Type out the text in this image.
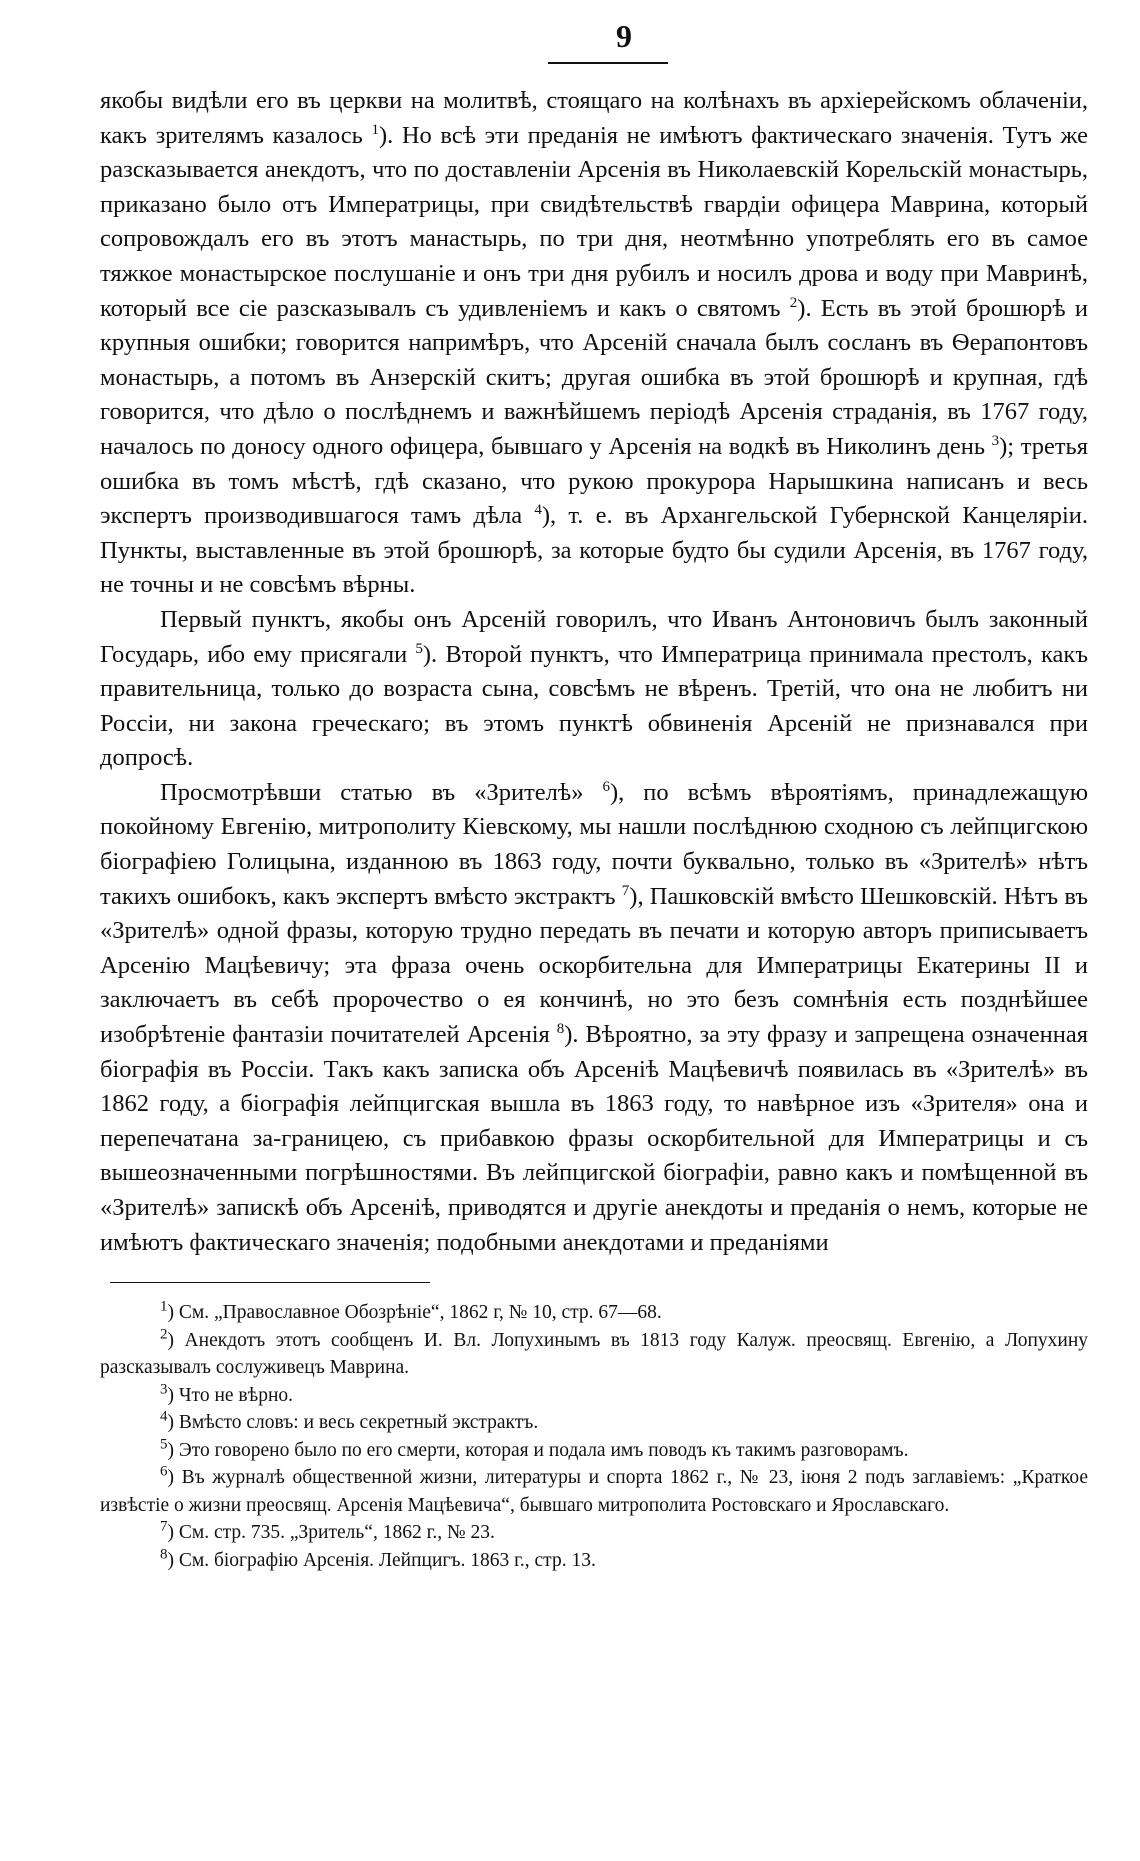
9

якобы видѣли его въ церкви на молитвѣ, стоящаго на колѣнахъ въ архіерейскомъ облаченіи, какъ зрителямъ казалось $^1$). Но всѣ эти преданія не имѣютъ фактическаго значенія. Тутъ же разсказывается анекдотъ, что по доставленіи Арсенія въ Николаевскій Корельскій монастырь, приказано было отъ Императрицы, при свидѣтельствѣ гвардіи офицера Маврина, который сопровождалъ его въ этотъ манастырь, по три дня, неотмѣнно употреблять его въ самое тяжкое монастырское послушаніе и онъ три дня рубилъ и носилъ дрова и воду при Мавринѣ, который все сіе разсказывалъ съ удивленіемъ и какъ о святомъ $^2$). Есть въ этой брошюрѣ и крупныя ошибки; говорится напримѣръ, что Арсеній сначала былъ сосланъ въ Ѳерапонтовъ монастырь, а потомъ въ Анзерскій скитъ; другая ошибка въ этой брошюрѣ и крупная, гдѣ говорится, что дѣло о послѣднемъ и важнѣйшемъ періодѣ Арсенія страданія, въ 1767 году, началось по доносу одного офицера, бывшаго у Арсенія на водкѣ въ Николинъ день $^3$); третья ошибка въ томъ мѣстѣ, гдѣ сказано, что рукою прокурора Нарышкина написанъ и весь экспертъ производившагося тамъ дѣла $^4$), т. е. въ Архангельской Губернской Канцеляріи. Пункты, выставленные въ этой брошюрѣ, за которые будто бы судили Арсенія, въ 1767 году, не точны и не совсѣмъ вѣрны.

Первый пунктъ, якобы онъ Арсеній говорилъ, что Иванъ Антоновичъ былъ законный Государь, ибо ему присягали $^5$). Второй пунктъ, что Императрица принимала престолъ, какъ правительница, только до возраста сына, совсѣмъ не вѣренъ. Третій, что она не любитъ ни Россіи, ни закона греческаго; въ этомъ пунктѣ обвиненія Арсеній не признавался при допросѣ.

Просмотрѣвши статью въ «Зрителѣ» $^6$), по всѣмъ вѣроятіямъ, принадлежащую покойному Евгенію, митрополиту Кіевскому, мы нашли послѣднюю сходною съ лейпцигскою біографіею Голицына, изданною въ 1863 году, почти буквально, только въ «Зрителѣ» нѣтъ такихъ ошибокъ, какъ экспертъ вмѣсто экстрактъ $^7$), Пашковскій вмѣсто Шешковскій. Нѣтъ въ «Зрителѣ» одной фразы, которую трудно передать въ печати и которую авторъ приписываетъ Арсенію Мацѣевичу; эта фраза очень оскорбительна для Императрицы Екатерины II и заключаетъ въ себѣ пророчество о ея кончинѣ, но это безъ сомнѣнія есть позднѣйшее изобрѣтеніе фантазіи почитателей Арсенія $^8$). Вѣроятно, за эту фразу и запрещена означенная біографія въ Россіи. Такъ какъ записка объ Арсеніѣ Мацѣевичѣ появилась въ «Зрителѣ» въ 1862 году, а біографія лейпцигская вышла въ 1863 году, то навѣрное изъ «Зрителя» она и перепечатана за-границею, съ прибавкою фразы оскорбительной для Императрицы и съ вышеозначенными погрѣшностями. Въ лейпцигской біографіи, равно какъ и помѣщенной въ «Зрителѣ» запискѣ объ Арсеніѣ, приводятся и другіе анекдоты и преданія о немъ, которые не имѣютъ фактическаго значенія; подобными анекдотами и преданіями

$^1$) См. „Православное Обозрѣніе“, 1862 г, № 10, стр. 67—68.

$^2$) Анекдотъ этотъ сообщенъ И. Вл. Лопухинымъ въ 1813 году Калуж. преосвящ. Евгенію, а Лопухину разсказывалъ сослуживецъ Маврина.

$^3$) Что не вѣрно.

$^4$) Вмѣсто словъ: и весь секретный экстрактъ.

$^5$) Это говорено было по его смерти, которая и подала имъ поводъ къ такимъ разговорамъ.

$^6$) Въ журналѣ общественной жизни, литературы и спорта 1862 г., № 23, іюня 2 подъ заглавіемъ: „Краткое извѣстіе о жизни преосвящ. Арсенія Мацѣевича“, бывшаго митрополита Ростовскаго и Ярославскаго.

$^7$) См. стр. 735. „Зритель“, 1862 г., № 23.

$^8$) См. біографію Арсенія. Лейпцигъ. 1863 г., стр. 13.
